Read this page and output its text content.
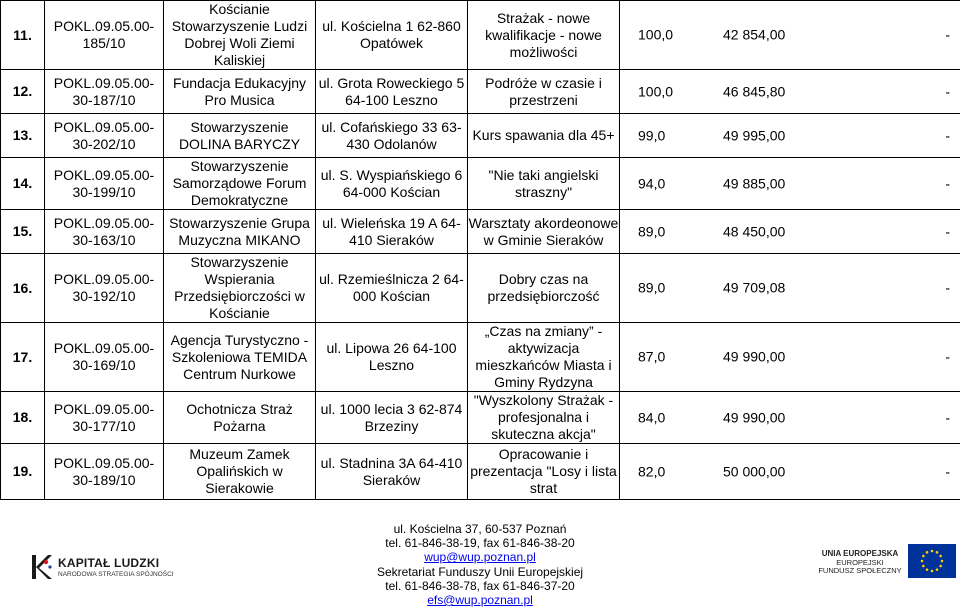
11.	POKL.09.05.00-185/10	Kościanie Stowarzyszenie Ludzi Dobrej Woli Ziemi Kaliskiej	ul. Kościelna 1 62-860 Opatówek	Strażak - nowe kwalifikacje - nowe możliwości	100,0 42 854,00 -

12.	POKL.09.05.00-30-187/10	Fundacja Edukacyjny Pro Musica	ul. Grota Roweckiego 5 64-100 Leszno	Podróże w czasie i przestrzeni	100,0 46 845,80 -

13.	POKL.09.05.00-30-202/10	Stowarzyszenie DOLINA BARYCZY	ul. Cofańskiego 33 63-430 Odolanów	Kurs spawania dla 45+	99,0 49 995,00 -

14.	POKL.09.05.00-30-199/10	Stowarzyszenie Samorządowe Forum Demokratyczne	ul. S. Wyspiańskiego 6 64-000 Kościan	"Nie taki angielski straszny"	94,0 49 885,00 -

15.	POKL.09.05.00-30-163/10	Stowarzyszenie Grupa Muzyczna MIKANO	ul. Wieleńska 19 A 64-410 Sieraków	Warsztaty akordeonowe w Gminie Sieraków	89,0 48 450,00 -

16.	POKL.09.05.00-30-192/10	Stowarzyszenie Wspierania Przedsiębiorczości w Kościanie	ul. Rzemieślnicza 2 64-000 Kościan	Dobry czas na przedsiębiorczość	89,0 49 709,08 -

17.	POKL.09.05.00-30-169/10	Agencja Turystyczno - Szkoleniowa TEMIDA Centrum Nurkowe	ul. Lipowa 26 64-100 Leszno	„Czas na zmiany” - aktywizacja mieszkańców Miasta i Gminy Rydzyna	87,0 49 990,00 -

18.	POKL.09.05.00-30-177/10	Ochotnicza Straż Pożarna	ul. 1000 lecia 3 62-874 Brzeziny	"Wyszkolony Strażak - profesjonalna i skuteczna akcja"	84,0 49 990,00 -

19.	POKL.09.05.00-30-189/10	Muzeum Zamek Opalińskich w Sierakowie	ul. Stadnina 3A 64-410 Sieraków	Opracowanie i prezentacja "Losy i lista strat	82,0 50 000,00 -
KAPITAŁ LUDZKI
NARODOWA STRATEGIA SPÓJNOŚCI
ul. Kościelna 37, 60-537 Poznań
tel. 61-846-38-19, fax 61-846-38-20
wup@wup.poznan.pl
Sekretariat Funduszy Unii Europejskiej
tel. 61-846-38-78, fax 61-846-37-20
efs@wup.poznan.pl
UNIA EUROPEJSKA
EUROPEJSKI
FUNDUSZ SPOŁECZNY
